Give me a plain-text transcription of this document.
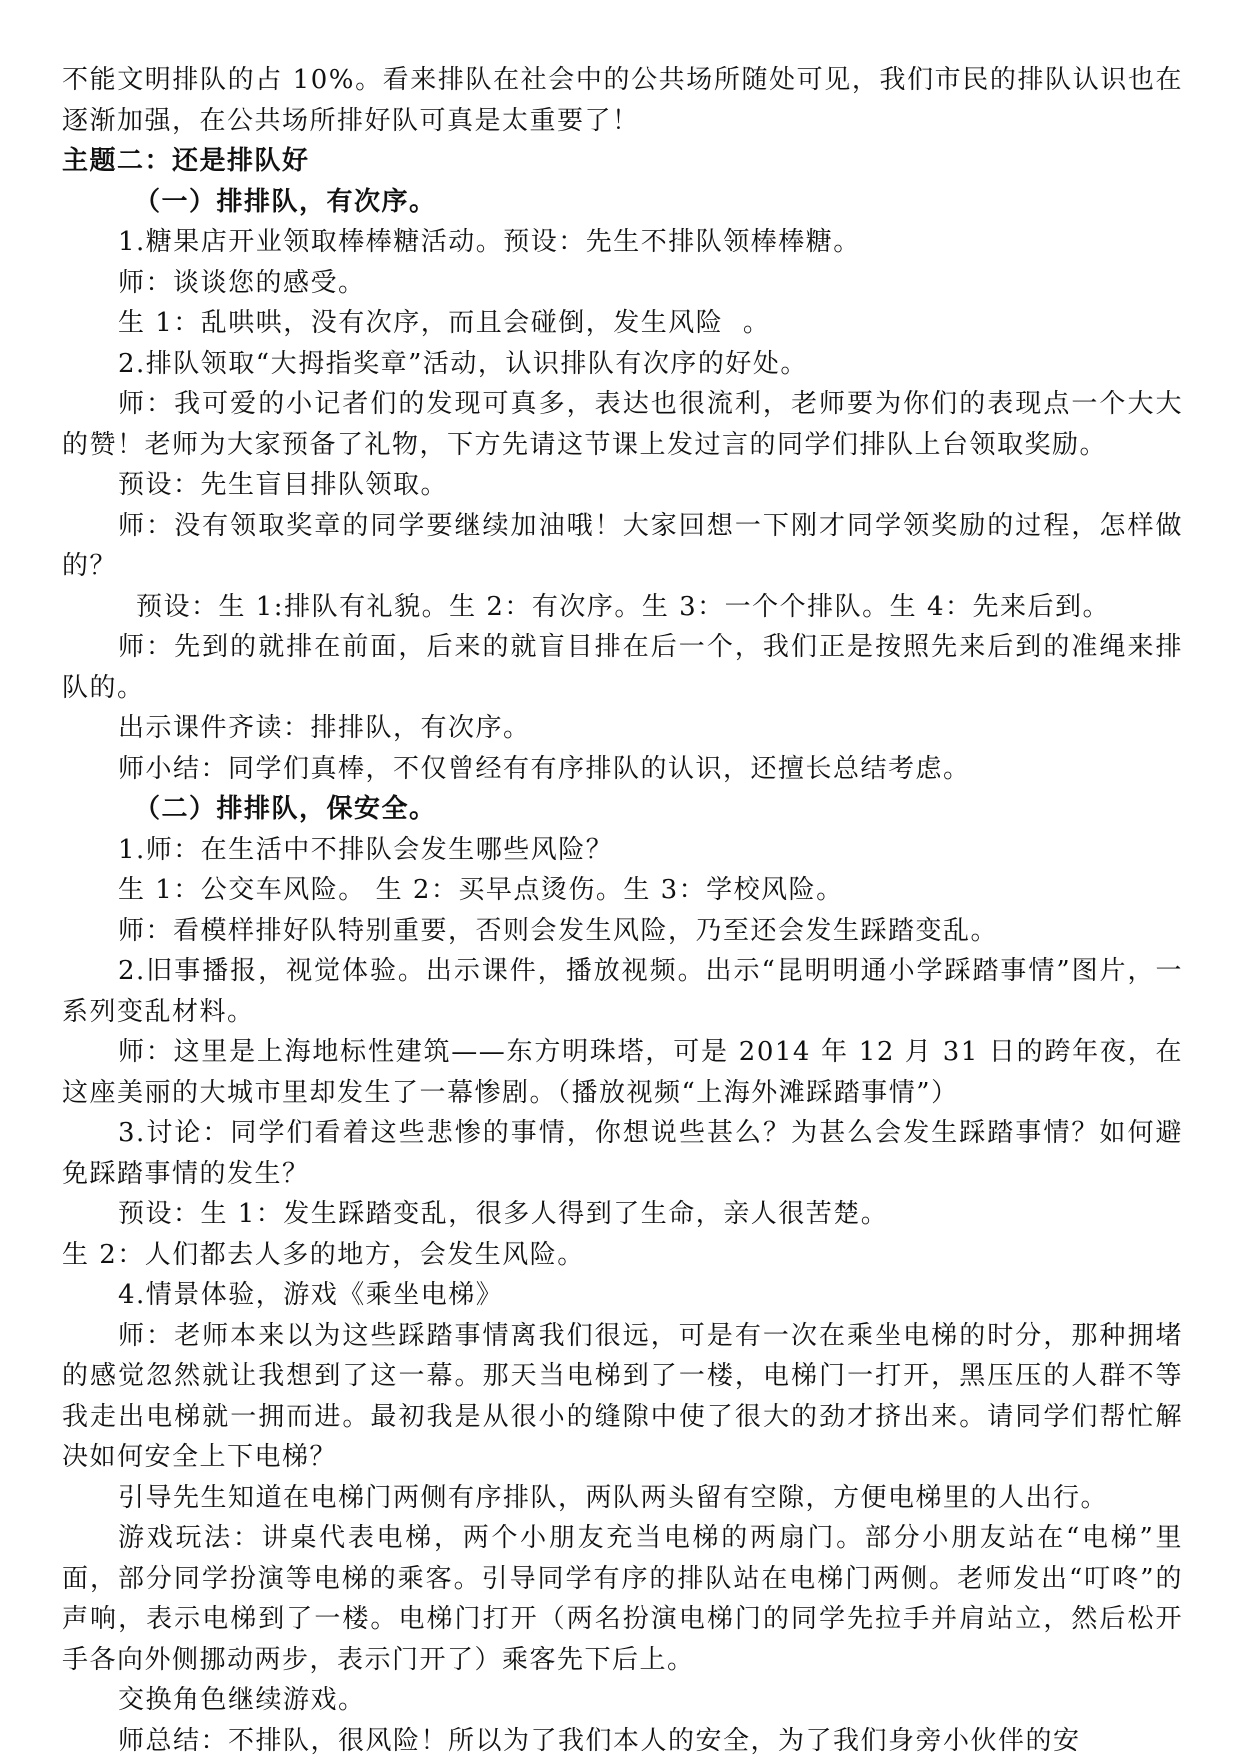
不能文明排队的占 10%。看来排队在社会中的公共场所随处可见，我们市民的排队认识也在逐渐加强，在公共场所排好队可真是太重要了！

主题二：还是排队好

（一）排排队，有次序。

1.糖果店开业领取棒棒糖活动。预设：先生不排队领棒棒糖。

师：谈谈您的感受。

生 1：乱哄哄，没有次序，而且会碰倒，发生风险  。

2.排队领取“大拇指奖章”活动，认识排队有次序的好处。

师：我可爱的小记者们的发现可真多，表达也很流利，老师要为你们的表现点一个大大的赞！老师为大家预备了礼物，下方先请这节课上发过言的同学们排队上台领取奖励。

预设：先生盲目排队领取。

师：没有领取奖章的同学要继续加油哦！大家回想一下刚才同学领奖励的过程，怎样做的？

预设：生 1:排队有礼貌。生 2：有次序。生 3：一个个排队。生 4：先来后到。

师：先到的就排在前面，后来的就盲目排在后一个，我们正是按照先来后到的准绳来排队的。

出示课件齐读：排排队，有次序。

师小结：同学们真棒，不仅曾经有有序排队的认识，还擅长总结考虑。

（二）排排队，保安全。

1.师：在生活中不排队会发生哪些风险？

生 1：公交车风险。 生 2：买早点烫伤。生 3：学校风险。

师：看模样排好队特别重要，否则会发生风险，乃至还会发生踩踏变乱。

2.旧事播报，视觉体验。出示课件，播放视频。出示“昆明明通小学踩踏事情”图片，一系列变乱材料。

师：这里是上海地标性建筑——东方明珠塔，可是 2014 年 12 月 31 日的跨年夜，在这座美丽的大城市里却发生了一幕惨剧。（播放视频“上海外滩踩踏事情”）

3.讨论：同学们看着这些悲惨的事情，你想说些甚么？为甚么会发生踩踏事情？如何避免踩踏事情的发生？

预设：生 1：发生踩踏变乱，很多人得到了生命，亲人很苦楚。

生 2：人们都去人多的地方，会发生风险。

4.情景体验，游戏《乘坐电梯》

师：老师本来以为这些踩踏事情离我们很远，可是有一次在乘坐电梯的时分，那种拥堵的感觉忽然就让我想到了这一幕。那天当电梯到了一楼，电梯门一打开，黑压压的人群不等我走出电梯就一拥而进。最初我是从很小的缝隙中使了很大的劲才挤出来。请同学们帮忙解决如何安全上下电梯？

引导先生知道在电梯门两侧有序排队，两队两头留有空隙，方便电梯里的人出行。

游戏玩法：讲桌代表电梯，两个小朋友充当电梯的两扇门。部分小朋友站在“电梯”里面，部分同学扮演等电梯的乘客。引导同学有序的排队站在电梯门两侧。老师发出“叮咚”的声响，表示电梯到了一楼。电梯门打开（两名扮演电梯门的同学先拉手并肩站立，然后松开手各向外侧挪动两步，表示门开了）乘客先下后上。

交换角色继续游戏。

师总结：不排队，很风险！所以为了我们本人的安全，为了我们身旁小伙伴的安
